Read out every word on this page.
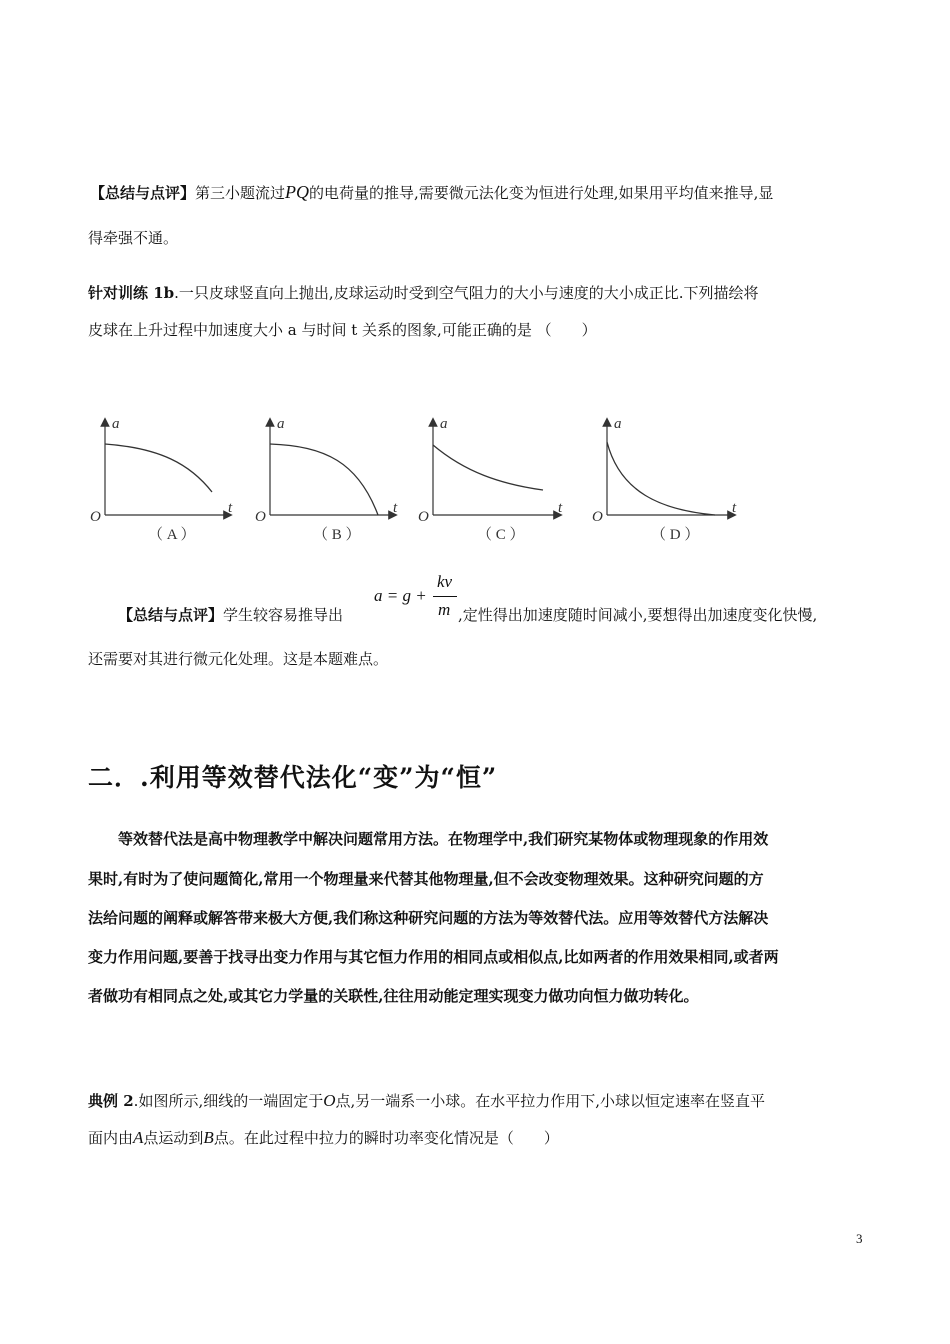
【总结与点评】第三小题流过PQ的电荷量的推导,需要微元法化变为恒进行处理,如果用平均值来推导,显
得牵强不通。
针对训练 1b.一只皮球竖直向上抛出,皮球运动时受到空气阻力的大小与速度的大小成正比.下列描绘将
皮球在上升过程中加速度大小 a 与时间 t 关系的图象,可能正确的是 （　　）
a
t
O
（ A ）
a
t
O
（ B ）
a
t
O
（ C ）
a
t
O
（ D ）
【总结与点评】学生较容易推导出
a = g +
kv
m ,定性得出加速度随时间减小,要想得出加速度变化快慢,
还需要对其进行微元化处理。这是本题难点。
二．.利用等效替代法化“变”为“恒”
等效替代法是高中物理教学中解决问题常用方法。在物理学中,我们研究某物体或物理现象的作用效
果时,有时为了使问题简化,常用一个物理量来代替其他物理量,但不会改变物理效果。这种研究问题的方
法给问题的阐释或解答带来极大方便,我们称这种研究问题的方法为等效替代法。应用等效替代方法解决
变力作用问题,要善于找寻出变力作用与其它恒力作用的相同点或相似点,比如两者的作用效果相同,或者两
者做功有相同点之处,或其它力学量的关联性,往往用动能定理实现变力做功向恒力做功转化。
典例 2.如图所示,细线的一端固定于O点,另一端系一小球。在水平拉力作用下,小球以恒定速率在竖直平
面内由A点运动到B点。在此过程中拉力的瞬时功率变化情况是（　　）
3
